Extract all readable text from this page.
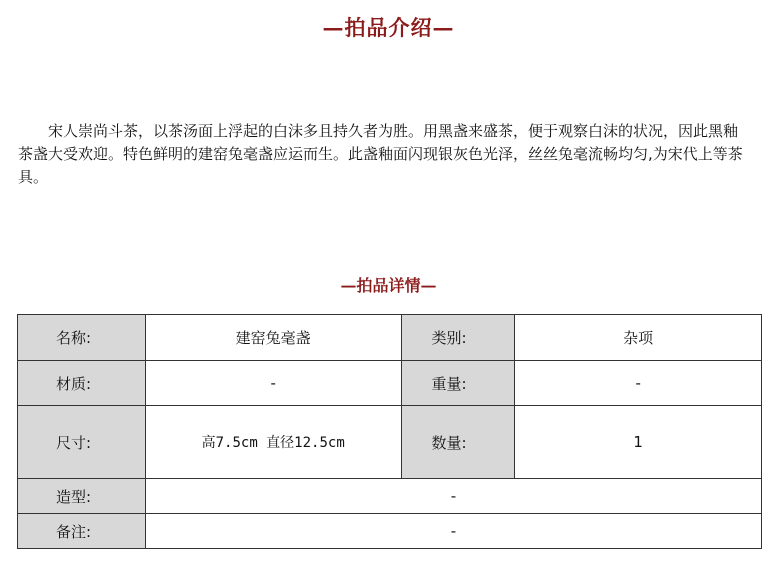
—拍品介绍—

宋人崇尚斗茶，以茶汤面上浮起的白沫多且持久者为胜。用黑盏来盛茶，便于观察白沫的状况，因此黑釉茶盏大受欢迎。特色鲜明的建窑兔毫盏应运而生。此盏釉面闪现银灰色光泽，丝丝兔毫流畅均匀,为宋代上等茶具。

—拍品详情—
名称:	建窑兔毫盏	类别:	杂项
材质:	-	重量:	-
尺寸:	高7.5cm 直径12.5cm	数量:	1
造型:	-		
备注:	-		
